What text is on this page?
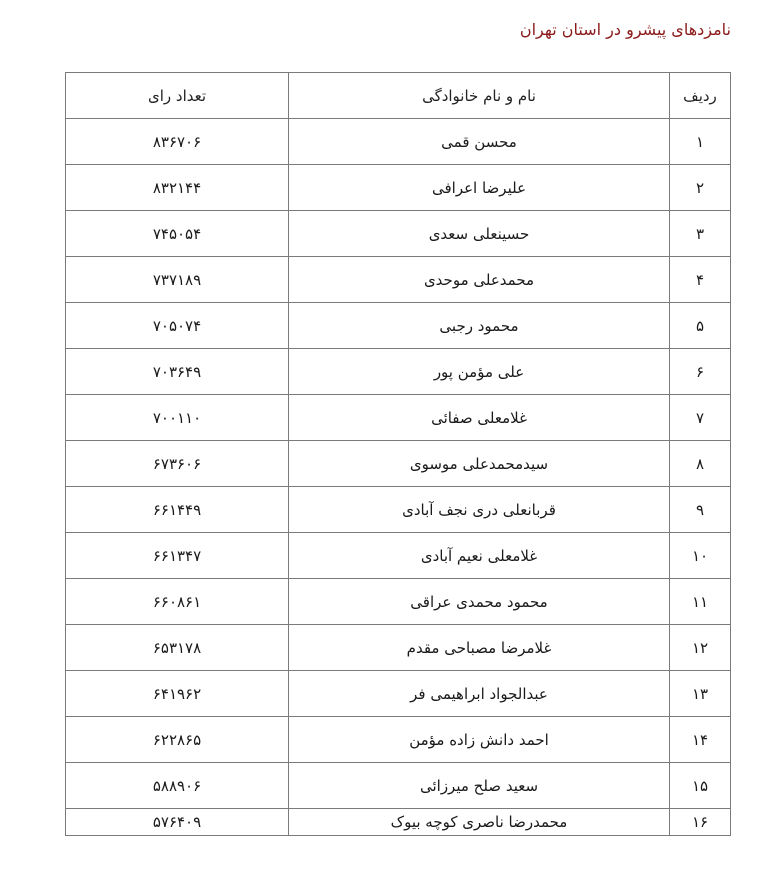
نامزدهای پیشرو در استان تهران
ردیف	نام و نام خانوادگی	تعداد رای
۱	محسن قمی	۸۳۶۷۰۶
۲	علیرضا اعرافی	۸۳۲۱۴۴
۳	حسینعلی سعدی	۷۴۵۰۵۴
۴	محمدعلی موحدی	۷۳۷۱۸۹
۵	محمود رجبی	۷۰۵۰۷۴
۶	علی مؤمن پور	۷۰۳۶۴۹
۷	غلامعلی صفائی	۷۰۰۱۱۰
۸	سیدمحمدعلی موسوی	۶۷۳۶۰۶
۹	قربانعلی دری نجف آبادی	۶۶۱۴۴۹
۱۰	غلامعلی نعیم آبادی	۶۶۱۳۴۷
۱۱	محمود محمدی عراقی	۶۶۰۸۶۱
۱۲	غلامرضا مصباحی مقدم	۶۵۳۱۷۸
۱۳	عبدالجواد ابراهیمی فر	۶۴۱۹۶۲
۱۴	احمد دانش زاده مؤمن	۶۲۲۸۶۵
۱۵	سعید صلح میرزائی	۵۸۸۹۰۶
۱۶	محمدرضا ناصری کوچه بیوک	۵۷۶۴۰۹
